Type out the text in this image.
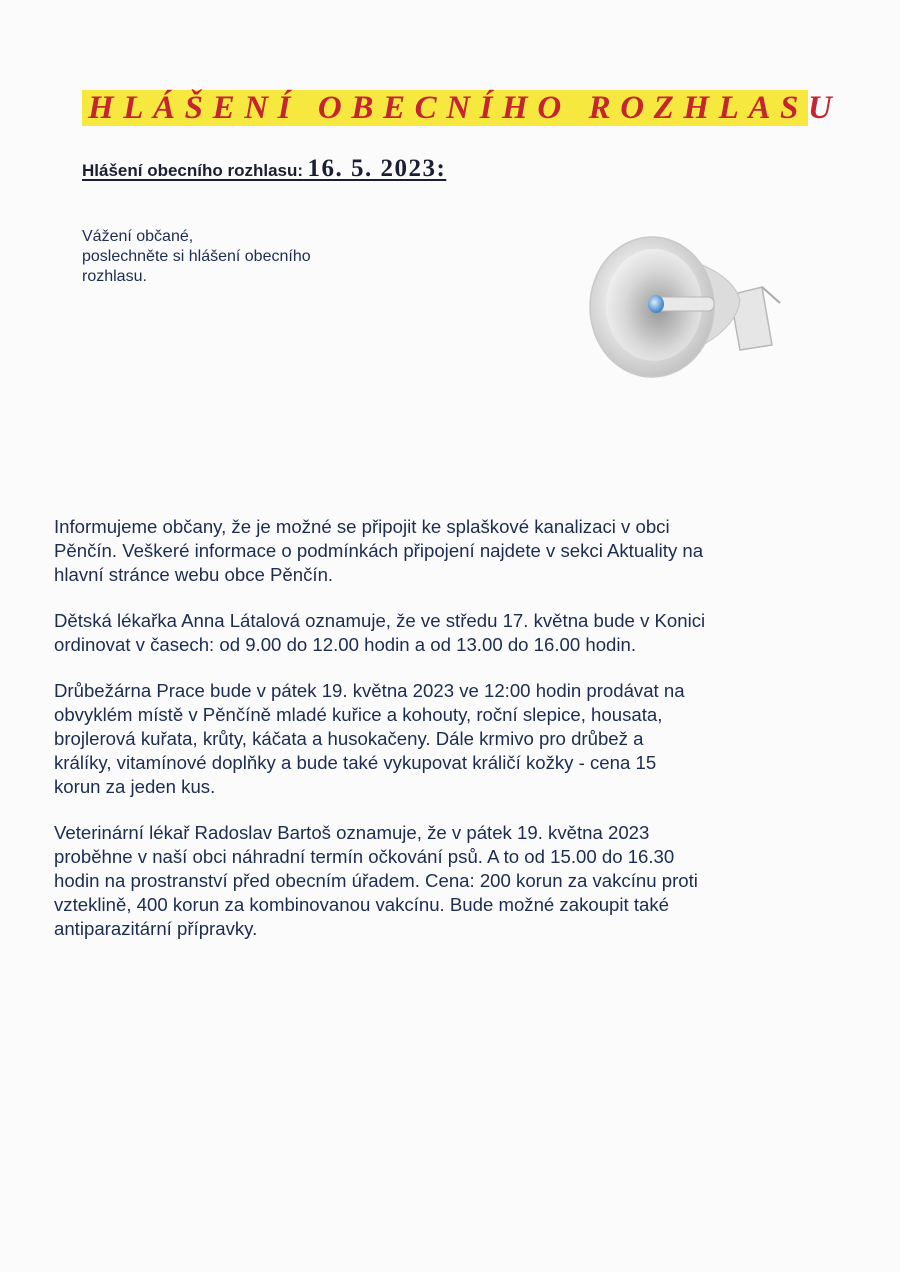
HLÁŠENÍ OBECNÍHO ROZHLASU
Hlášení obecního rozhlasu: 16. 5. 2023:
Vážení občané,
poslechněte si hlášení obecního
rozhlasu.
Informujeme občany, že je možné se připojit ke splaškové kanalizaci v obci
Pěnčín. Veškeré informace o podmínkách připojení najdete v sekci Aktuality na
hlavní stránce webu obce Pěnčín.
Dětská lékařka Anna Látalová oznamuje, že ve středu 17. května bude v Konici
ordinovat v časech: od 9.00 do 12.00 hodin a od 13.00 do 16.00 hodin.
Drůbežárna Prace bude v pátek 19. května 2023 ve 12:00 hodin prodávat na
obvyklém místě v Pěnčíně mladé kuřice a kohouty, roční slepice, housata,
brojlerová kuřata, krůty, káčata a husokačeny. Dále krmivo pro drůbež a
králíky, vitamínové doplňky a bude také vykupovat králičí kožky - cena 15
korun za jeden kus.
Veterinární lékař Radoslav Bartoš oznamuje, že v pátek 19. května 2023
proběhne v naší obci náhradní termín očkování psů. A to od 15.00 do 16.30
hodin na prostranství před obecním úřadem. Cena: 200 korun za vakcínu proti
vzteklině, 400 korun za kombinovanou vakcínu. Bude možné zakoupit také
antiparazitární přípravky.
